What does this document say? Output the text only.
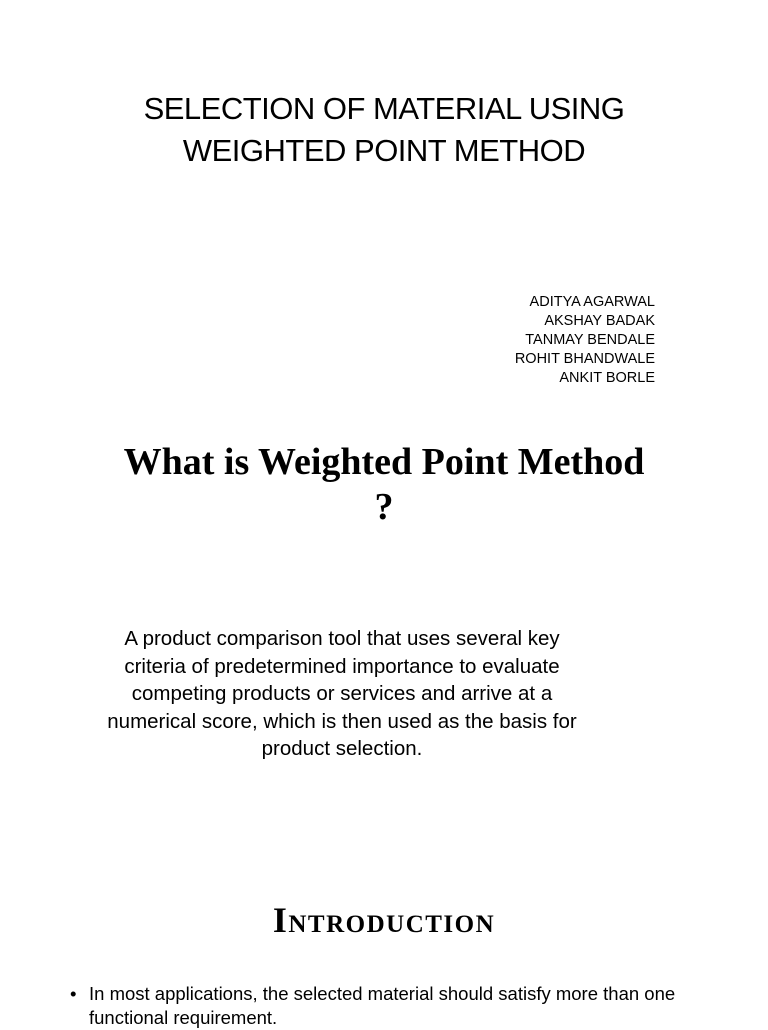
SELECTION OF MATERIAL USING
WEIGHTED POINT METHOD
ADITYA AGARWAL
AKSHAY BADAK
TANMAY BENDALE
ROHIT BHANDWALE
ANKIT BORLE
What is Weighted Point Method
?

A product comparison tool that uses several key
criteria of predetermined importance to evaluate
competing products or services and arrive at a
numerical score, which is then used as the basis for
product selection.

Introduction
• In most applications, the selected material should satisfy more than one functional requirement.
